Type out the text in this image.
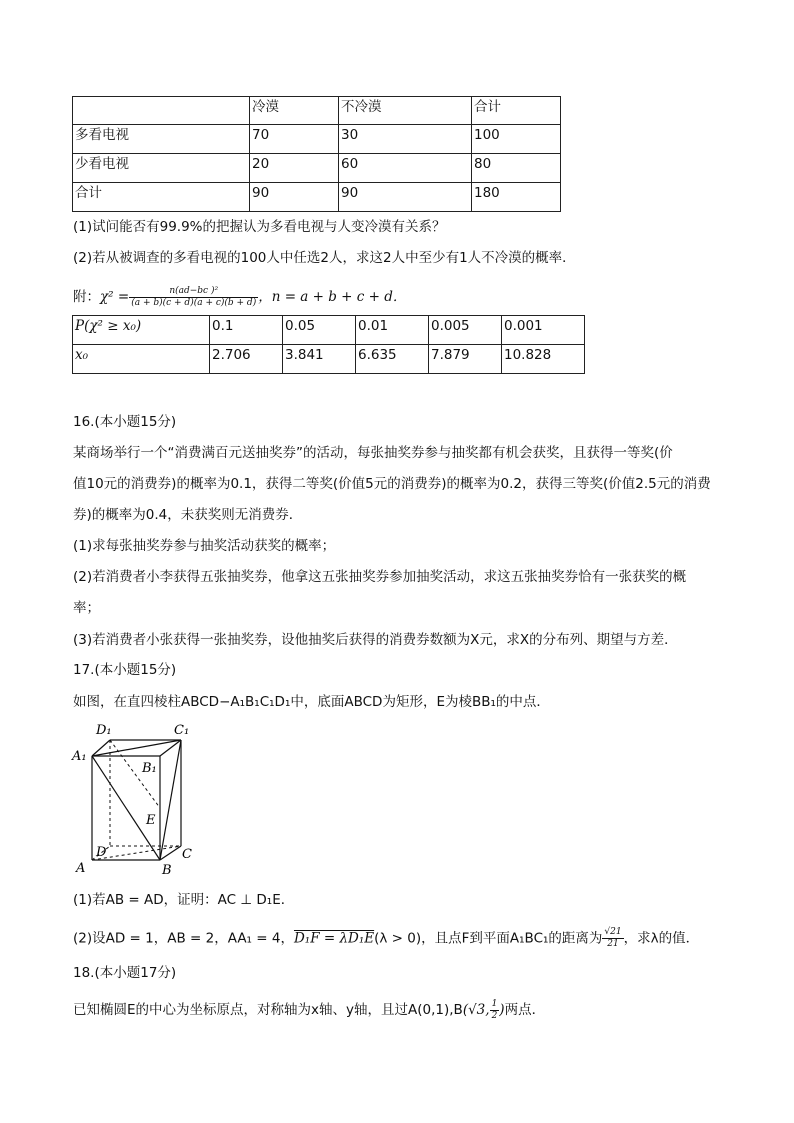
	冷漠	不冷漠	合计
多看电视	70	30	100
少看电视	20	60	80
合计	90	90	180
(1)试问能否有99.9%的把握认为多看电视与人变冷漠有关系？
(2)若从被调查的多看电视的100人中任选2人，求这2人中至少有1人不冷漠的概率．
附：$\chi^2 = \frac{\text{n(ad−bc )²}}{(a + b)(c + d)(a + c)(b + d)}$ ，n = a + b + c + d．
P(χ² ≥ x₀)	0.1	0.05	0.01	0.005	0.001
x₀	2.706	3.841	6.635	7.879	10.828
16.(本小题15分)
某商场举行一个“消费满百元送抽奖券”的活动，每张抽奖券参与抽奖都有机会获奖，且获得一等奖(价
值10元的消费券)的概率为0.1，获得二等奖(价值5元的消费券)的概率为0.2，获得三等奖(价值2.5元的消费
券)的概率为0.4，未获奖则无消费券．
(1)求每张抽奖券参与抽奖活动获奖的概率；
(2)若消费者小李获得五张抽奖券，他拿这五张抽奖券参加抽奖活动，求这五张抽奖券恰有一张获奖的概
率；
(3)若消费者小张获得一张抽奖券，设他抽奖后获得的消费券数额为X元，求X的分布列、期望与方差．
17.(本小题15分)
如图，在直四棱柱ABCD−A₁B₁C₁D₁中，底面ABCD为矩形，E为棱BB₁的中点．
D₁	C₁
A₁
B₁
E
D	C
A	B
(1)若AB = AD，证明：AC ⊥ D₁E．
(2)设AD = 1，AB = 2，AA₁ = 4，D₁F = λD₁E(λ > 0)，且点F到平面A₁BC₁的距离为 $\frac{√21}{21}$ ，求λ的值．
18.(本小题17分)
已知椭圆E的中心为坐标原点，对称轴为x轴、y轴，且过A(0,1),B(√3, $\frac{1}{2}$ )两点．
